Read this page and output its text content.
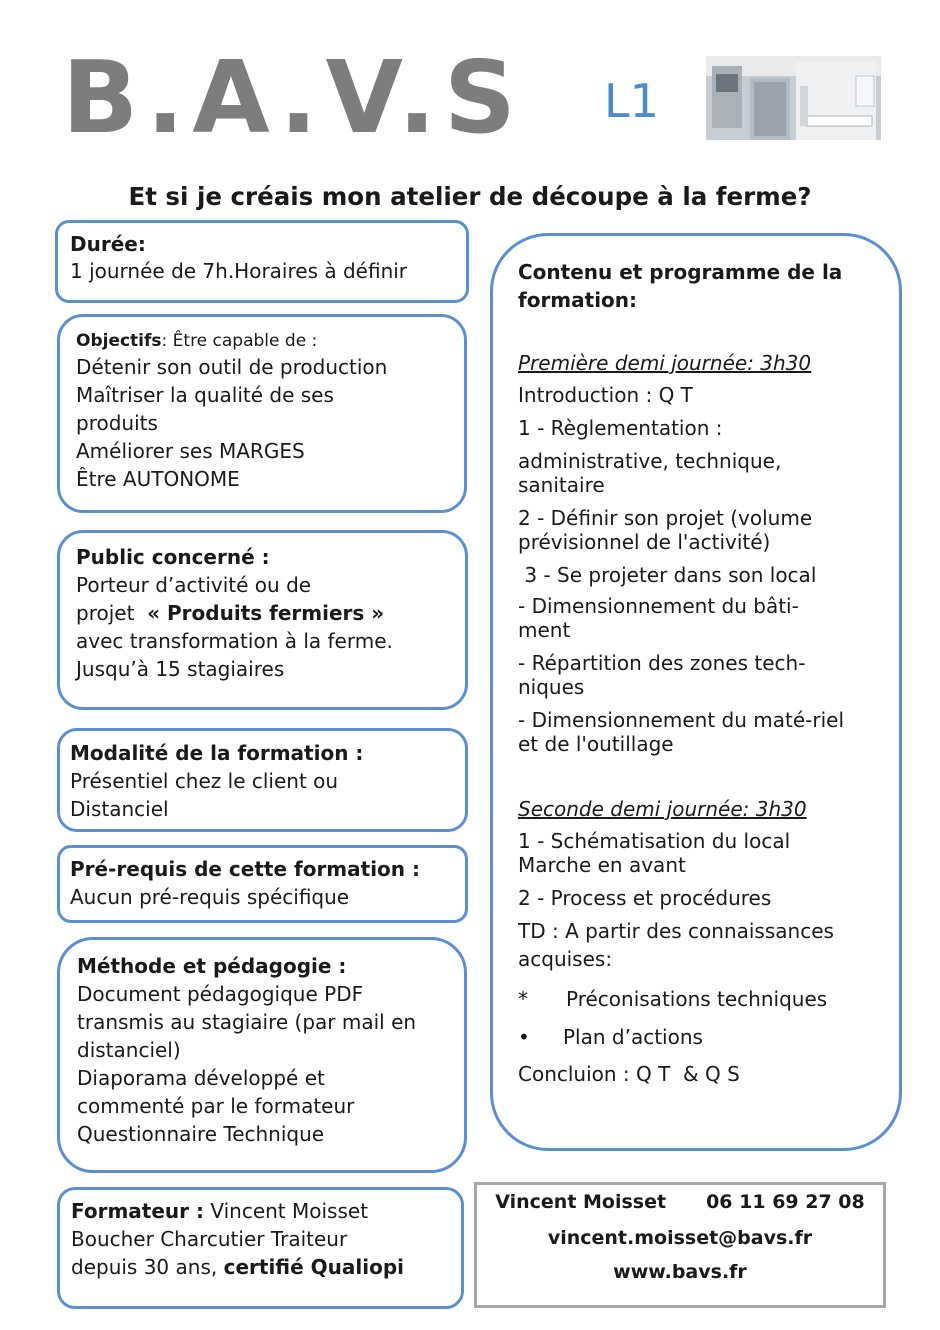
B.A.V.S L1
Et si je créais mon atelier de découpe à la ferme?

Durée:

1 journée de 7h.Horaires à définir

Objectifs: Être capable de :

Détenir son outil de production

Maîtriser la qualité de ses produits

Améliorer ses MARGES

Être AUTONOME

Public concerné :

Porteur d’activité ou de

projet « Produits fermiers »

avec transformation à la ferme.

Jusqu’à 15 stagiaires

Modalité de la formation :

Présentiel chez le client ou Distanciel

Pré-requis de cette formation :

Aucun pré-requis spécifique

Méthode et pédagogie :

Document pédagogique PDF transmis au stagiaire (par mail en distanciel)

Diaporama développé et commenté par le formateur

Questionnaire Technique

Formateur : Vincent Moisset

Boucher Charcutier Traiteur

depuis 30 ans, certifié Qualiopi

Contenu et programme de la formation:

Première demi journée: 3h30

Introduction : Q T

1 - Règlementation :

administrative, technique, sanitaire

2 - Définir son projet (volume prévisionnel de l'activité)

3 - Se projeter dans son local

- Dimensionnement du bâti-ment

- Répartition des zones tech-niques

- Dimensionnement du maté-riel et de l'outillage

Seconde demi journée: 3h30

1 - Schématisation du local Marche en avant

2 - Process et procédures

TD : A partir des connaissances acquises:

* Préconisations techniques

• Plan d’actions

Concluion : Q T  & Q S

Vincent Moisset 06 11 69 27 08
vincent.moisset@bavs.fr
www.bavs.fr
